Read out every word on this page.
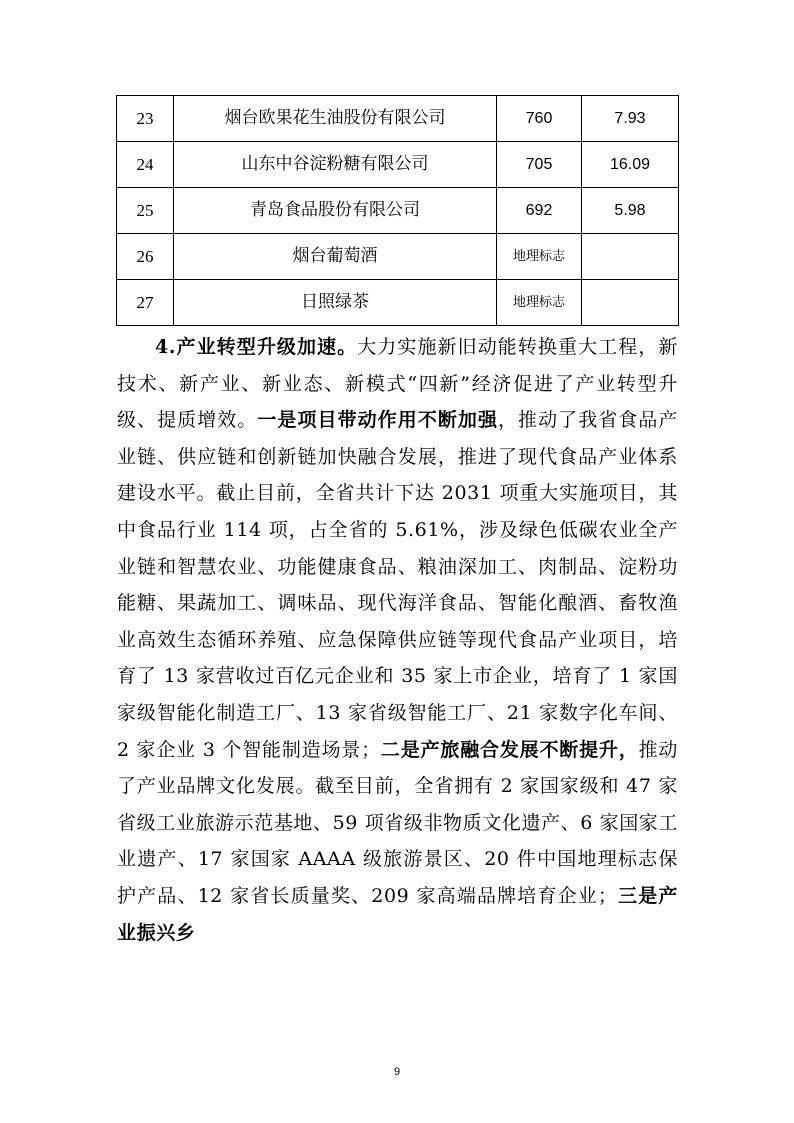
23	烟台欧果花生油股份有限公司	760	7.93
24	山东中谷淀粉糖有限公司	705	16.09
25	青岛食品股份有限公司	692	5.98
26	烟台葡萄酒	地理标志	
27	日照绿茶	地理标志	

4.产业转型升级加速。大力实施新旧动能转换重大工程，新技术、新产业、新业态、新模式“四新”经济促进了产业转型升级、提质增效。一是项目带动作用不断加强，推动了我省食品产业链、供应链和创新链加快融合发展，推进了现代食品产业体系建设水平。截止目前，全省共计下达 2031 项重大实施项目，其中食品行业 114 项，占全省的 5.61%，涉及绿色低碳农业全产业链和智慧农业、功能健康食品、粮油深加工、肉制品、淀粉功能糖、果蔬加工、调味品、现代海洋食品、智能化酿酒、畜牧渔业高效生态循环养殖、应急保障供应链等现代食品产业项目，培育了 13 家营收过百亿元企业和 35 家上市企业，培育了 1 家国家级智能化制造工厂、13 家省级智能工厂、21 家数字化车间、2 家企业 3 个智能制造场景；二是产旅融合发展不断提升，推动了产业品牌文化发展。截至目前，全省拥有 2 家国家级和 47 家省级工业旅游示范基地、59 项省级非物质文化遗产、6 家国家工业遗产、17 家国家 AAAA 级旅游景区、20 件中国地理标志保护产品、12 家省长质量奖、209 家高端品牌培育企业；三是产业振兴乡

9
